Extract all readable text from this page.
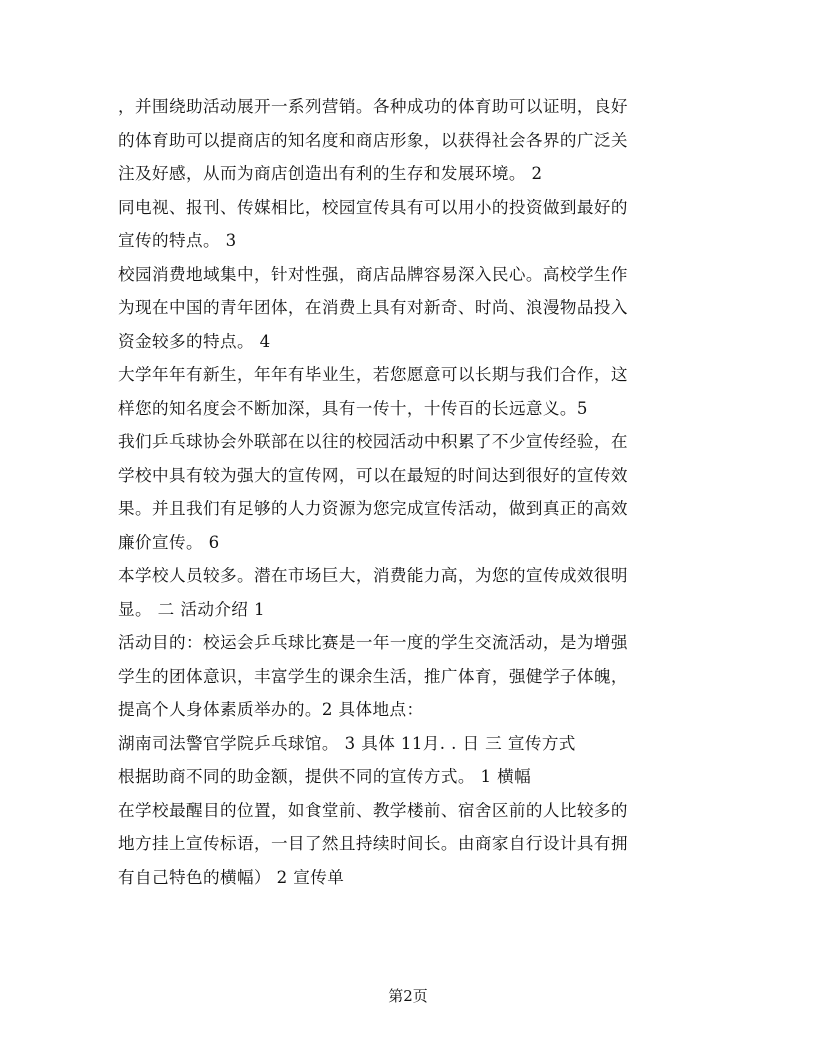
，并围绕助活动展开一系列营销。各种成功的体育助可以证明，良好
的体育助可以提商店的知名度和商店形象，以获得社会各界的广泛关
注及好感，从而为商店创造出有利的生存和发展环境。 2
同电视、报刊、传媒相比，校园宣传具有可以用小的投资做到最好的
宣传的特点。 3
校园消费地域集中，针对性强，商店品牌容易深入民心。高校学生作
为现在中国的青年团体，在消费上具有对新奇、时尚、浪漫物品投入
资金较多的特点。 4
大学年年有新生，年年有毕业生，若您愿意可以长期与我们合作，这
样您的知名度会不断加深，具有一传十，十传百的长远意义。5
我们乒乓球协会外联部在以往的校园活动中积累了不少宣传经验，在
学校中具有较为强大的宣传网，可以在最短的时间达到很好的宣传效
果。并且我们有足够的人力资源为您完成宣传活动，做到真正的高效
廉价宣传。 6
本学校人员较多。潜在市场巨大，消费能力高，为您的宣传成效很明
显。 二 活动介绍 1
活动目的：校运会乒乓球比赛是一年一度的学生交流活动，是为增强
学生的团体意识，丰富学生的课余生活，推广体育，强健学子体魄，
提高个人身体素质举办的。2 具体地点：
湖南司法警官学院乒乓球馆。 3 具体 11月. . 日 三 宣传方式
根据助商不同的助金额，提供不同的宣传方式。 1 横幅
在学校最醒目的位置，如食堂前、教学楼前、宿舍区前的人比较多的
地方挂上宣传标语，一目了然且持续时间长。由商家自行设计具有拥
有自己特色的横幅） 2 宣传单
第2页
